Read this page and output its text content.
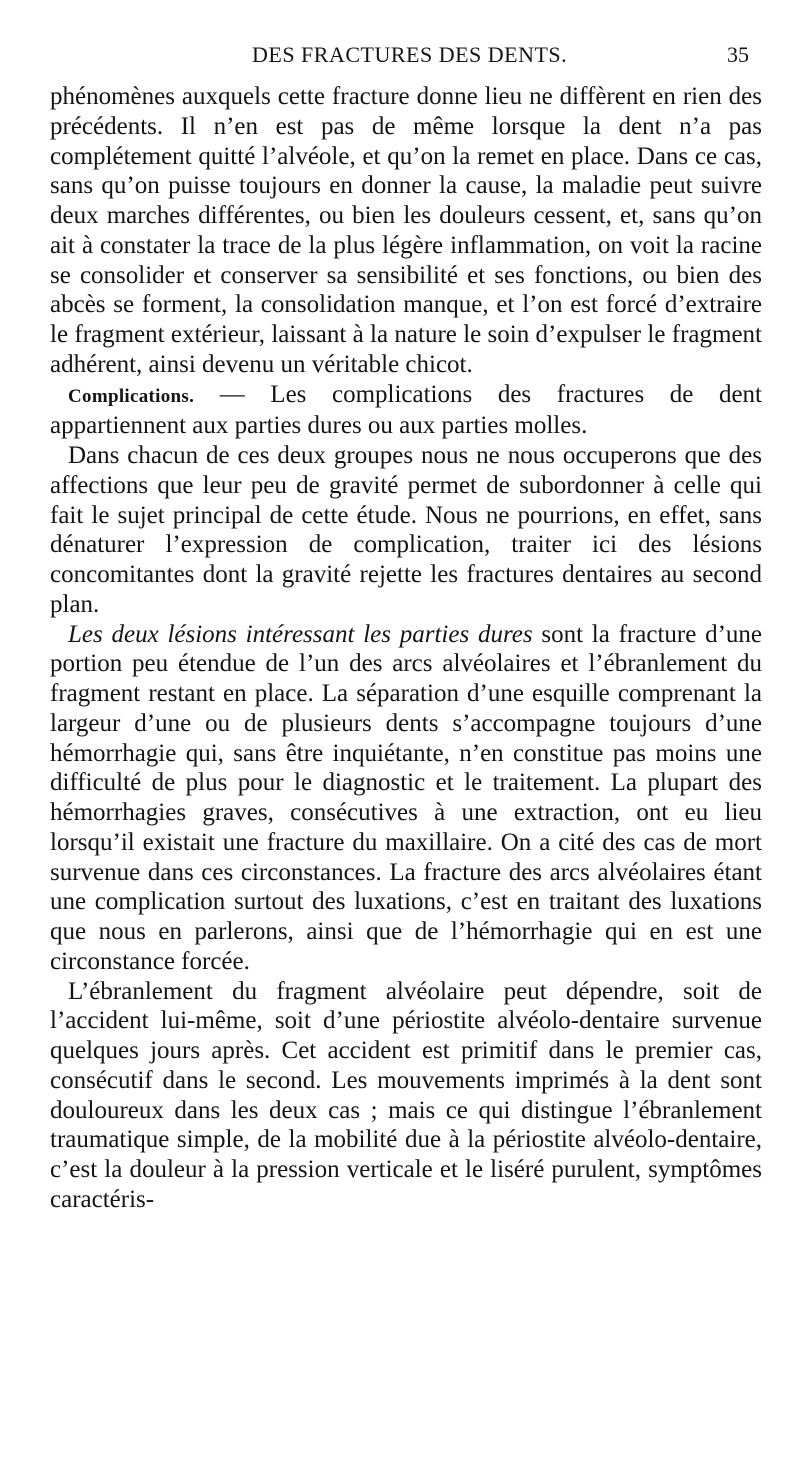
DES FRACTURES DES DENTS.	35

phénomènes auxquels cette fracture donne lieu ne diffèrent en rien des précédents. Il n’en est pas de même lorsque la dent n’a pas complétement quitté l’alvéole, et qu’on la remet en place. Dans ce cas, sans qu’on puisse toujours en donner la cause, la maladie peut suivre deux marches différentes, ou bien les douleurs cessent, et, sans qu’on ait à constater la trace de la plus légère inflammation, on voit la racine se consolider et conserver sa sensibilité et ses fonctions, ou bien des abcès se forment, la consolidation manque, et l’on est forcé d’extraire le fragment extérieur, laissant à la nature le soin d’expulser le fragment adhérent, ainsi devenu un véritable chicot.

Complications. — Les complications des fractures de dent appartiennent aux parties dures ou aux parties molles.

Dans chacun de ces deux groupes nous ne nous occuperons que des affections que leur peu de gravité permet de subordonner à celle qui fait le sujet principal de cette étude. Nous ne pourrions, en effet, sans dénaturer l’expression de complication, traiter ici des lésions concomitantes dont la gravité rejette les fractures dentaires au second plan.

Les deux lésions intéressant les parties dures sont la fracture d’une portion peu étendue de l’un des arcs alvéolaires et l’ébranlement du fragment restant en place. La séparation d’une esquille comprenant la largeur d’une ou de plusieurs dents s’accompagne toujours d’une hémorrhagie qui, sans être inquiétante, n’en constitue pas moins une difficulté de plus pour le diagnostic et le traitement. La plupart des hémorrhagies graves, consécutives à une extraction, ont eu lieu lorsqu’il existait une fracture du maxillaire. On a cité des cas de mort survenue dans ces circonstances. La fracture des arcs alvéolaires étant une complication surtout des luxations, c’est en traitant des luxations que nous en parlerons, ainsi que de l’hémorrhagie qui en est une circonstance forcée.

L’ébranlement du fragment alvéolaire peut dépendre, soit de l’accident lui-même, soit d’une périostite alvéolo-dentaire survenue quelques jours après. Cet accident est primitif dans le premier cas, consécutif dans le second. Les mouvements imprimés à la dent sont douloureux dans les deux cas ; mais ce qui distingue l’ébranlement traumatique simple, de la mobilité due à la périostite alvéolo-dentaire, c’est la douleur à la pression verticale et le liséré purulent, symptômes caractéris-
